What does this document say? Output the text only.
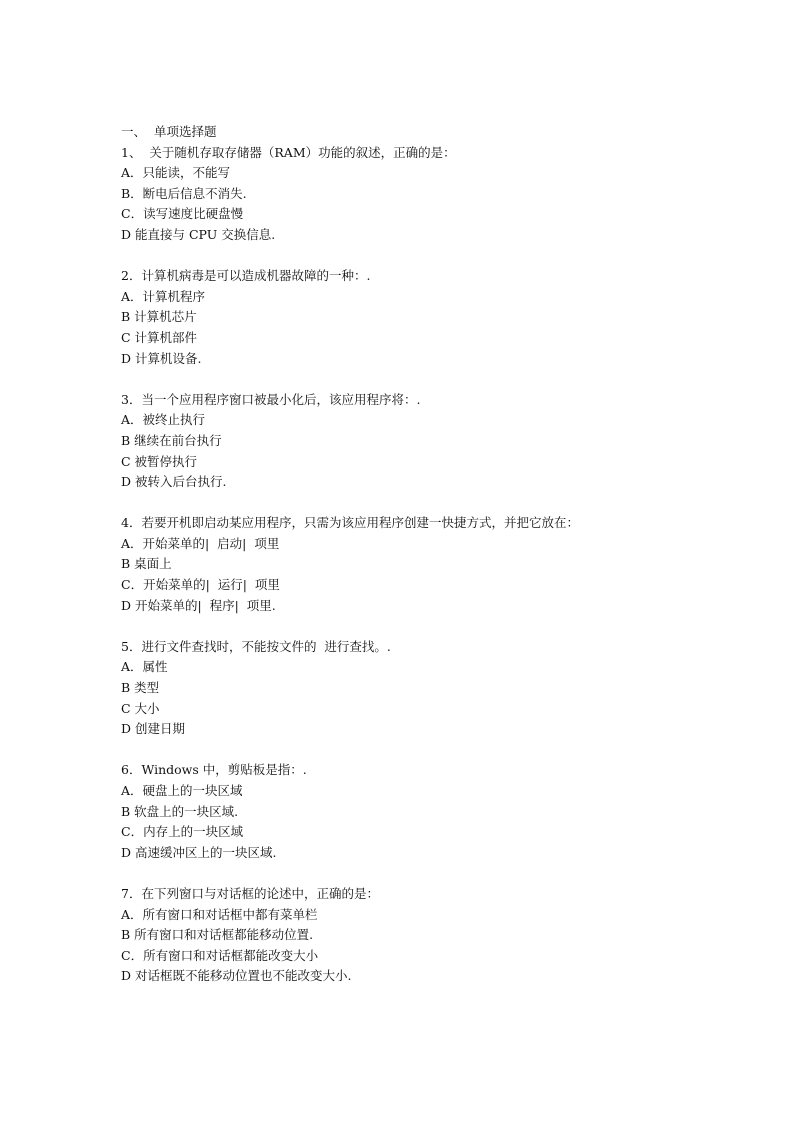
一、  单项选择题
1、  关于随机存取存储器（RAM）功能的叙述，正确的是：
A．只能读，不能写
B．断电后信息不消失.
C．读写速度比硬盘慢
D 能直接与 CPU 交换信息.
2．计算机病毒是可以造成机器故障的一种：.
A．计算机程序
B 计算机芯片
C 计算机部件
D 计算机设备.
3．当一个应用程序窗口被最小化后，该应用程序将：.
A．被终止执行
B 继续在前台执行
C 被暂停执行
D 被转入后台执行.
4．若要开机即启动某应用程序，只需为该应用程序创建一快捷方式，并把它放在：
A．开始菜单的|  启动|  项里
B 桌面上
C．开始菜单的|  运行|  项里
D 开始菜单的|  程序|  项里.
5．进行文件查找时，不能按文件的  进行查找。.
A．属性
B 类型
C 大小
D 创建日期
6．Windows 中，剪贴板是指：.
A．硬盘上的一块区域
B 软盘上的一块区域.
C．内存上的一块区域
D 高速缓冲区上的一块区域.
7．在下列窗口与对话框的论述中，正确的是：
A．所有窗口和对话框中都有菜单栏
B 所有窗口和对话框都能移动位置.
C．所有窗口和对话框都能改变大小
D 对话框既不能移动位置也不能改变大小.
